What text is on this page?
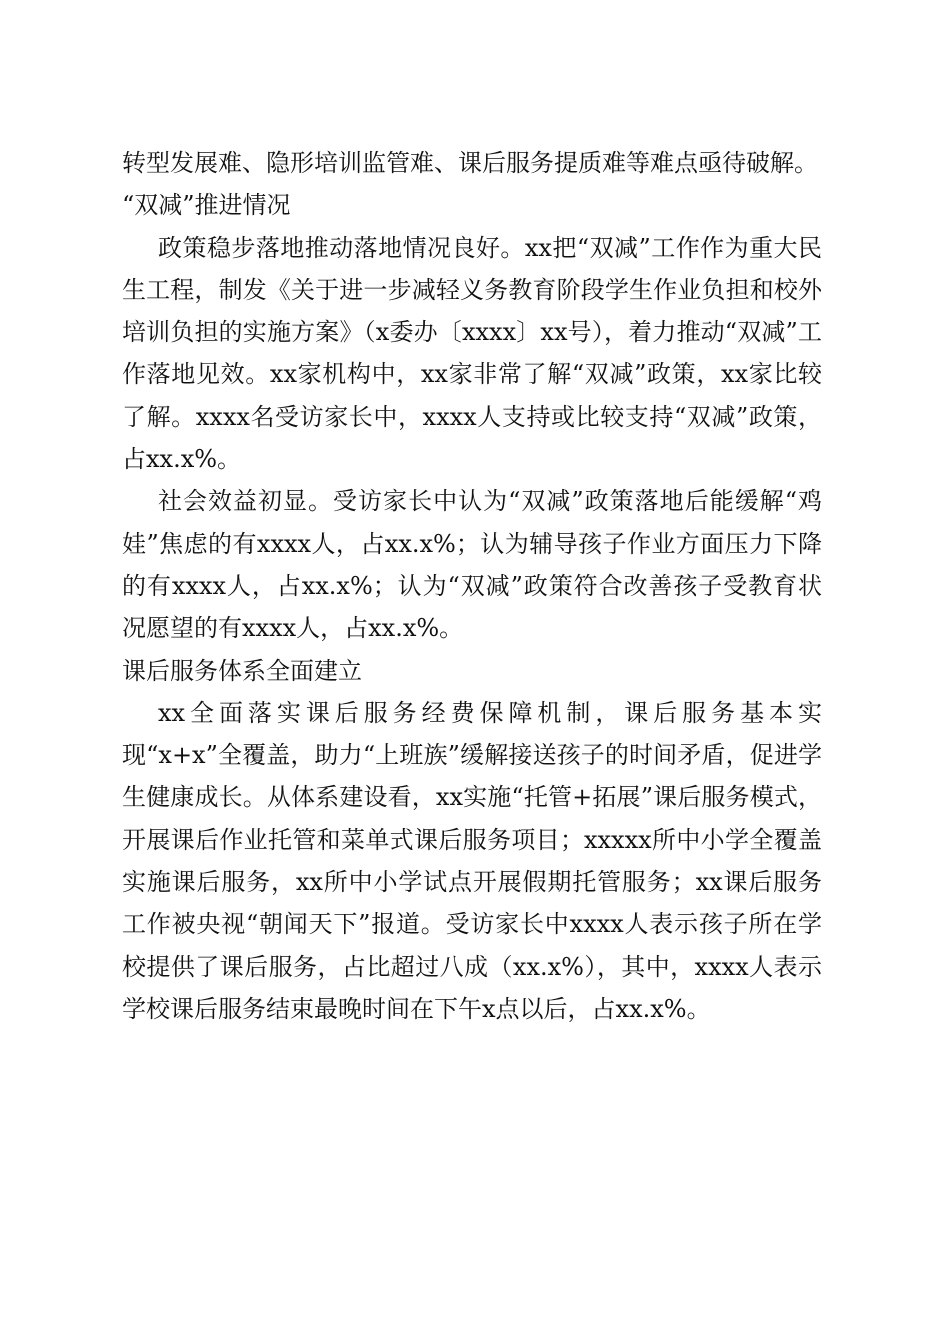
转型发展难、隐形培训监管难、课后服务提质难等难点亟待破解。

“双减”推进情况

政策稳步落地推动落地情况良好。xx把“双减”工作作为重大民生工程，制发《关于进一步减轻义务教育阶段学生作业负担和校外培训负担的实施方案》（x委办〔xxxx〕xx号），着力推动“双减”工作落地见效。xx家机构中，xx家非常了解“双减”政策，xx家比较了解。xxxx名受访家长中，xxxx人支持或比较支持“双减”政策，占xx.x%。

社会效益初显。受访家长中认为“双减”政策落地后能缓解“鸡娃”焦虑的有xxxx人，占xx.x%；认为辅导孩子作业方面压力下降的有xxxx人，占xx.x%；认为“双减”政策符合改善孩子受教育状况愿望的有xxxx人，占xx.x%。

课后服务体系全面建立

xx全面落实课后服务经费保障机制，课后服务基本实现“x+x”全覆盖，助力“上班族”缓解接送孩子的时间矛盾，促进学生健康成长。从体系建设看，xx实施“托管+拓展”课后服务模式，开展课后作业托管和菜单式课后服务项目；xxxxx所中小学全覆盖实施课后服务，xx所中小学试点开展假期托管服务；xx课后服务工作被央视“朝闻天下”报道。受访家长中xxxx人表示孩子所在学校提供了课后服务，占比超过八成（xx.x%），其中，xxxx人表示学校课后服务结束最晚时间在下午x点以后，占xx.x%。
